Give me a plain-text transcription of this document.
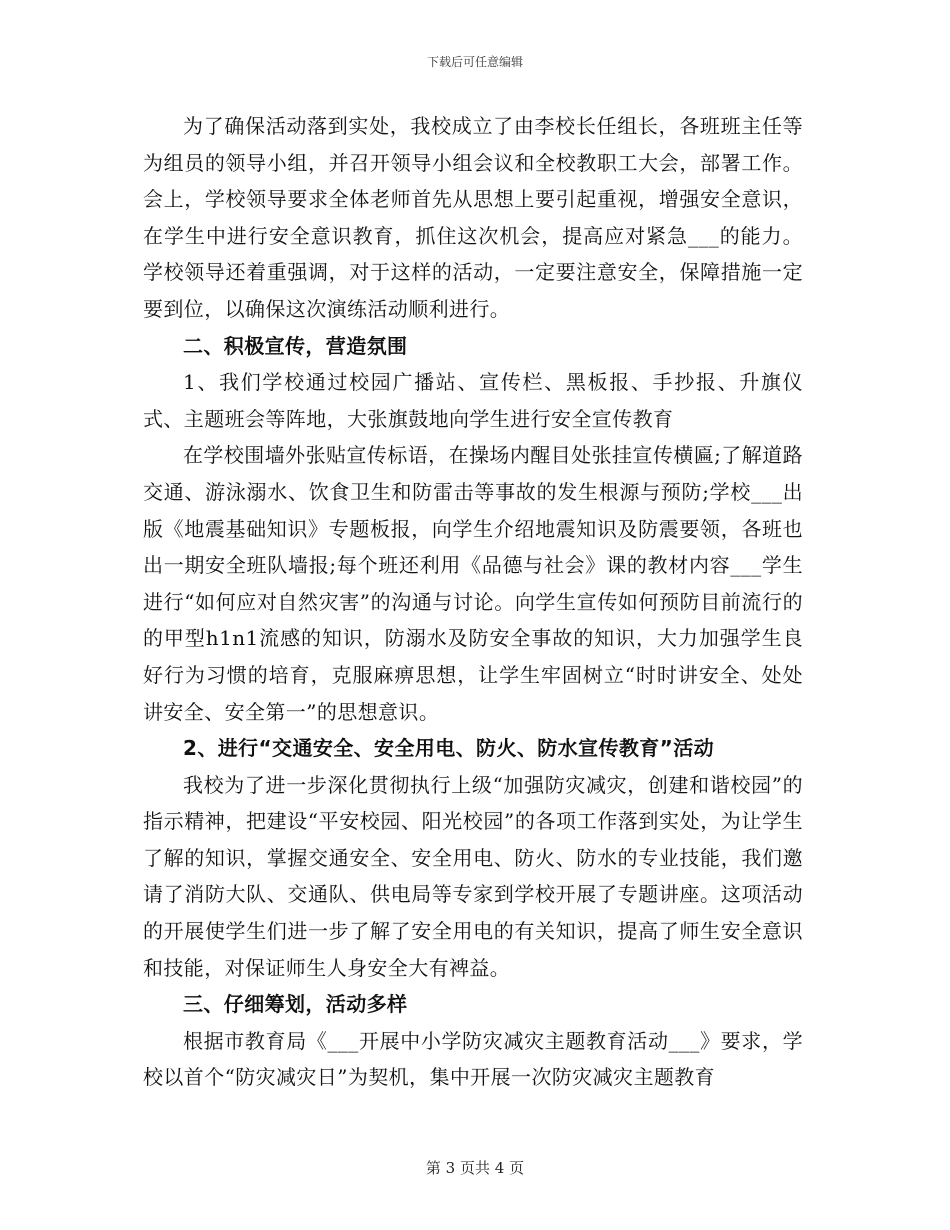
下载后可任意编辑

为了确保活动落到实处，我校成立了由李校长任组长，各班班主任等为组员的领导小组，并召开领导小组会议和全校教职工大会，部署工作。会上，学校领导要求全体老师首先从思想上要引起重视，增强安全意识，在学生中进行安全意识教育，抓住这次机会，提高应对紧急___的能力。学校领导还着重强调，对于这样的活动，一定要注意安全，保障措施一定要到位，以确保这次演练活动顺利进行。

二、积极宣传，营造氛围

1、我们学校通过校园广播站、宣传栏、黑板报、手抄报、升旗仪式、主题班会等阵地，大张旗鼓地向学生进行安全宣传教育

在学校围墙外张贴宣传标语，在操场内醒目处张挂宣传横匾;了解道路交通、游泳溺水、饮食卫生和防雷击等事故的发生根源与预防;学校___出版《地震基础知识》专题板报，向学生介绍地震知识及防震要领，各班也出一期安全班队墙报;每个班还利用《品德与社会》课的教材内容___学生进行“如何应对自然灾害”的沟通与讨论。向学生宣传如何预防目前流行的的甲型h1n1流感的知识，防溺水及防安全事故的知识，大力加强学生良好行为习惯的培育，克服麻痹思想，让学生牢固树立“时时讲安全、处处讲安全、安全第一”的思想意识。

2、进行“交通安全、安全用电、防火、防水宣传教育”活动

我校为了进一步深化贯彻执行上级“加强防灾减灾，创建和谐校园”的指示精神，把建设“平安校园、阳光校园”的各项工作落到实处，为让学生了解的知识，掌握交通安全、安全用电、防火、防水的专业技能，我们邀请了消防大队、交通队、供电局等专家到学校开展了专题讲座。这项活动的开展使学生们进一步了解了安全用电的有关知识，提高了师生安全意识和技能，对保证师生人身安全大有裨益。

三、仔细筹划，活动多样

根据市教育局《___开展中小学防灾减灾主题教育活动___》要求，学校以首个“防灾减灾日”为契机，集中开展一次防灾减灾主题教育

第 3 页共 4 页
